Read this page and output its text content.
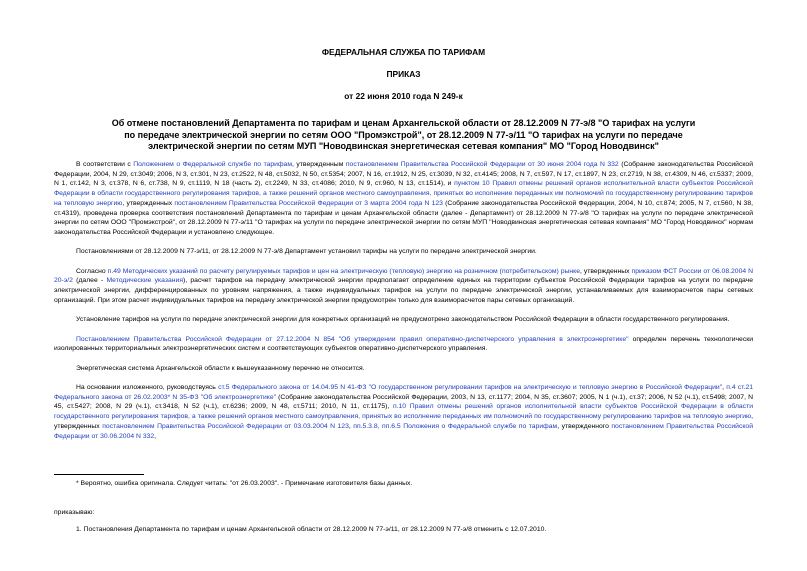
ФЕДЕРАЛЬНАЯ СЛУЖБА ПО ТАРИФАМ
ПРИКАЗ
от 22 июня 2010 года N 249-к
Об отмене постановлений Департамента по тарифам и ценам Архангельской области от 28.12.2009 N 77-э/8 "О тарифах на услуги по передаче электрической энергии по сетям ООО "Промэкстрой", от 28.12.2009 N 77-э/11 "О тарифах на услуги по передаче электрической энергии по сетям МУП "Новодвинская энергетическая сетевая компания" МО "Город Новодвинск"

В соответствии с Положением о Федеральной службе по тарифам, утвержденным постановлением Правительства Российской Федерации от 30 июня 2004 года N 332 (Собрание законодательства Российской Федерации, 2004, N 29, ст.3049; 2006, N 3, ст.301, N 23, ст.2522, N 48, ст.5032, N 50, ст.5354; 2007, N 16, ст.1912, N 25, ст.3039, N 32, ст.4145; 2008, N 7, ст.597, N 17, ст.1897, N 23, ст.2719, N 38, ст.4309, N 46, ст.5337; 2009, N 1, ст.142, N 3, ст.378, N 6, ст.738, N 9, ст.1119, N 18 (часть 2), ст.2249, N 33, ст.4086; 2010, N 9, ст.960, N 13, ст.1514), и пунктом 10 Правил отмены решений органов исполнительной власти субъектов Российской Федерации в области государственного регулирования тарифов, а также решений органов местного самоуправления, принятых во исполнение переданных им полномочий по государственному регулированию тарифов на тепловую энергию, утвержденных постановлением Правительства Российской Федерации от 3 марта 2004 года N 123 (Собрание законодательства Российской Федерации, 2004, N 10, ст.874; 2005, N 7, ст.560, N 38, ст.4319), проведена проверка соответствия постановлений Департамента по тарифам и ценам Архангельской области (далее - Департамент) от 28.12.2009 N 77-э/8 "О тарифах на услуги по передаче электрической энергии по сетям ООО "Промэкстрой", от 28.12.2009 N 77-э/11 "О тарифах на услуги по передаче электрической энергии по сетям МУП "Новодвинская энергетическая сетевая компания" МО "Город Новодвинск" нормам законодательства Российской Федерации и установлено следующее.

Постановлениями от 28.12.2009 N 77-э/11, от 28.12.2009 N 77-э/8 Департамент установил тарифы на услуги по передаче электрической энергии.

Согласно п.49 Методических указаний по расчету регулируемых тарифов и цен на электрическую (тепловую) энергию на розничном (потребительском) рынке, утвержденных приказом ФСТ России от 06.08.2004 N 20-э/2 (далее - Методические указания), расчет тарифов на передачу электрической энергии предполагает определение единых на территории субъектов Российской Федерации тарифов на услуги по передаче электрической энергии, дифференцированных по уровням напряжения, а также индивидуальных тарифов на услуги по передаче электрической энергии, устанавливаемых для взаиморасчетов пары сетевых организаций. При этом расчет индивидуальных тарифов на передачу электрической энергии предусмотрен только для взаиморасчетов пары сетевых организаций.

Установление тарифов на услуги по передаче электрической энергии для конкретных организаций не предусмотрено законодательством Российской Федерации в области государственного регулирования.

Постановлением Правительства Российской Федерации от 27.12.2004 N 854 "Об утверждении правил оперативно-диспетчерского управления в электроэнергетике" определен перечень технологически изолированных территориальных электроэнергетических систем и соответствующих субъектов оперативно-диспетчерского управления.

Энергетическая система Архангельской области к вышеуказанному перечню не относится.

На основании изложенного, руководствуясь ст.5 Федерального закона от 14.04.95 N 41-ФЗ "О государственном регулировании тарифов на электрическую и тепловую энергию в Российской Федерации", п.4 ст.21 Федерального закона от 26.02.2003* N 35-ФЗ "Об электроэнергетике" (Собрание законодательства Российской Федерации, 2003, N 13, ст.1177; 2004, N 35, ст.3607; 2005, N 1 (ч.1), ст.37; 2006, N 52 (ч.1), ст.5498; 2007, N 45, ст.5427; 2008, N 29 (ч.1), ст.3418, N 52 (ч.1), ст.6236; 2009, N 48, ст.5711; 2010, N 11, ст.1175), п.10 Правил отмены решений органов исполнительной власти субъектов Российской Федерации в области государственного регулирования тарифов, а также решений органов местного самоуправления, принятых во исполнение переданных им полномочий по государственному регулированию тарифов на тепловую энергию, утвержденных постановлением Правительства Российской Федерации от 03.03.2004 N 123, пп.5.3.8, пп.6.5 Положения о Федеральной службе по тарифам, утвержденного постановлением Правительства Российской Федерации от 30.06.2004 N 332,

* Вероятно, ошибка оригинала. Следует читать: "от 26.03.2003". - Примечание изготовителя базы данных.
приказываю:
1. Постановления Департамента по тарифам и ценам Архангельской области от 28.12.2009 N 77-э/11, от 28.12.2009 N 77-э/8 отменить с 12.07.2010.
